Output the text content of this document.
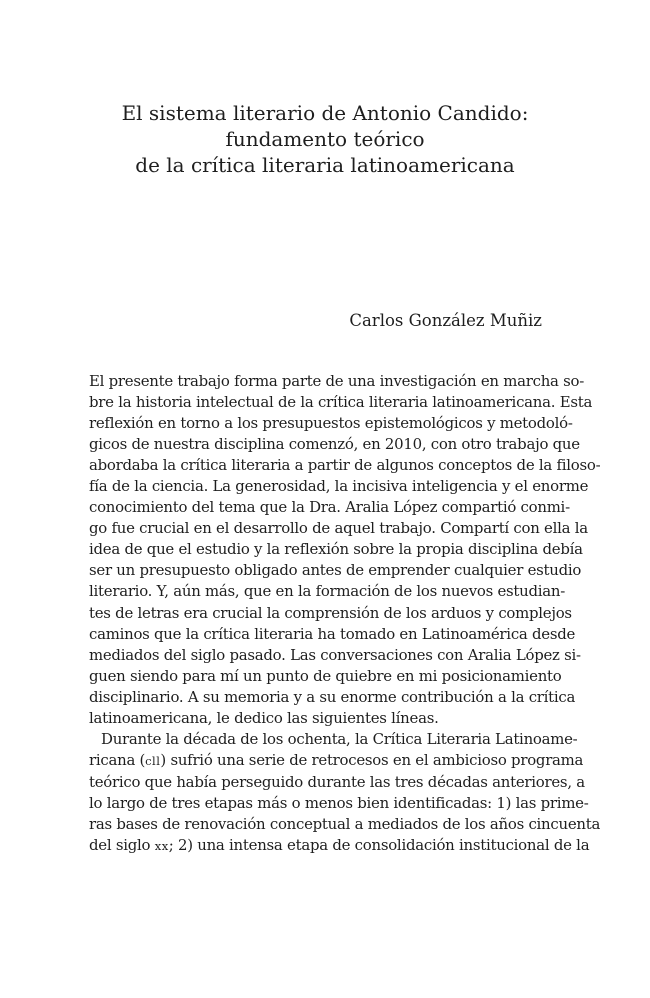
El sistema literario de Antonio Candido:
fundamento teórico
de la crítica literaria latinoamericana
Carlos González Muñiz
El presente trabajo forma parte de una investigación en marcha so-
bre la historia intelectual de la crítica literaria latinoamericana. Esta
reflexión en torno a los presupuestos epistemológicos y metodoló-
gicos de nuestra disciplina comenzó, en 2010, con otro trabajo que
abordaba la crítica literaria a partir de algunos conceptos de la filoso-
fía de la ciencia. La generosidad, la incisiva inteligencia y el enorme
conocimiento del tema que la Dra. Aralia López compartió conmi-
go fue crucial en el desarrollo de aquel trabajo. Compartí con ella la
idea de que el estudio y la reflexión sobre la propia disciplina debía
ser un presupuesto obligado antes de emprender cualquier estudio
literario. Y, aún más, que en la formación de los nuevos estudian-
tes de letras era crucial la comprensión de los arduos y complejos
caminos que la crítica literaria ha tomado en Latinoamérica desde
mediados del siglo pasado. Las conversaciones con Aralia López si-
guen siendo para mí un punto de quiebre en mi posicionamiento
disciplinario. A su memoria y a su enorme contribución a la crítica
latinoamericana, le dedico las siguientes líneas.
Durante la década de los ochenta, la Crítica Literaria Latinoame-
ricana (cll) sufrió una serie de retrocesos en el ambicioso programa
teórico que había perseguido durante las tres décadas anteriores, a
lo largo de tres etapas más o menos bien identificadas: 1) las prime-
ras bases de renovación conceptual a mediados de los años cincuenta
del siglo xx; 2) una intensa etapa de consolidación institucional de la
